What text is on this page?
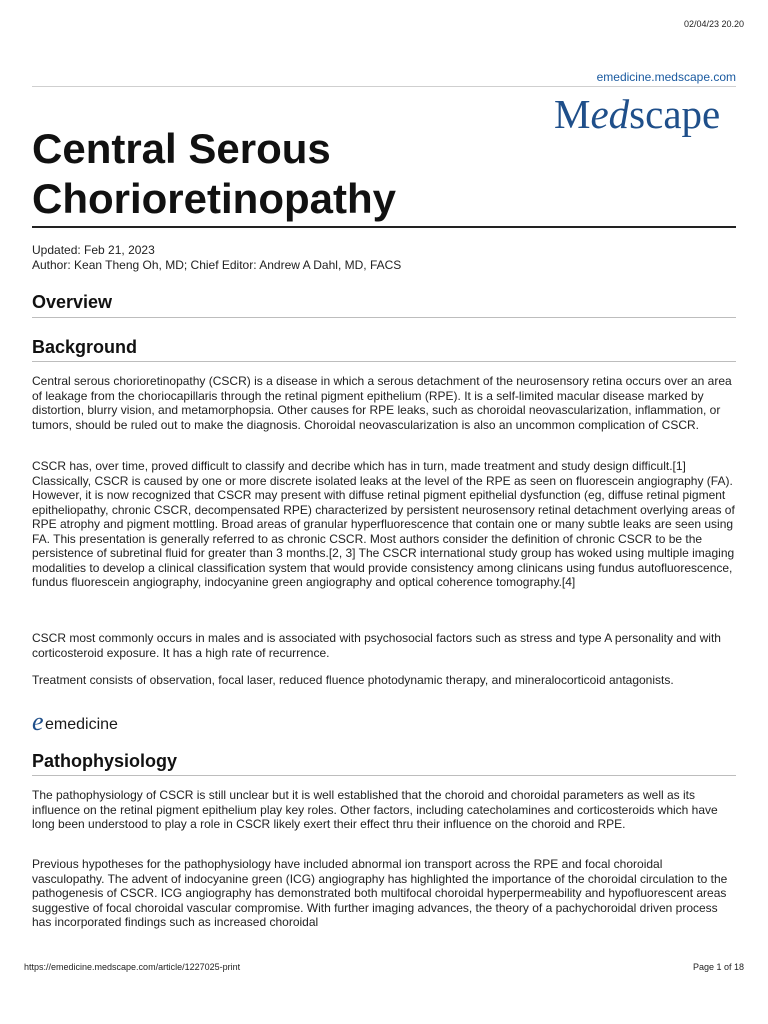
02/04/23 20.20
emedicine.medscape.com
Medscape
Central Serous Chorioretinopathy
Updated: Feb 21, 2023
Author: Kean Theng Oh, MD; Chief Editor: Andrew A Dahl, MD, FACS
Overview
Background

Central serous chorioretinopathy (CSCR) is a disease in which a serous detachment of the neurosensory retina occurs over an area of leakage from the choriocapillaris through the retinal pigment epithelium (RPE). It is a self-limited macular disease marked by distortion, blurry vision, and metamorphopsia. Other causes for RPE leaks, such as choroidal neovascularization, inflammation, or tumors, should be ruled out to make the diagnosis. Choroidal neovascularization is also an uncommon complication of CSCR.

CSCR has, over time, proved difficult to classify and decribe which has in turn, made treatment and study design difficult.[1] Classically, CSCR is caused by one or more discrete isolated leaks at the level of the RPE as seen on fluorescein angiography (FA). However, it is now recognized that CSCR may present with diffuse retinal pigment epithelial dysfunction (eg, diffuse retinal pigment epitheliopathy, chronic CSCR, decompensated RPE) characterized by persistent neurosensory retinal detachment overlying areas of RPE atrophy and pigment mottling. Broad areas of granular hyperfluorescence that contain one or many subtle leaks are seen using FA. This presentation is generally referred to as chronic CSCR. Most authors consider the definition of chronic CSCR to be the persistence of subretinal fluid for greater than 3 months.[2, 3] The CSCR international study group has woked using multiple imaging modalities to develop a clinical classification system that would provide consistency among clinicans using fundus autofluorescence, fundus fluorescein angiography, indocyanine green angiography and optical coherence tomography.[4]

CSCR most commonly occurs in males and is associated with psychosocial factors such as stress and type A personality and with corticosteroid exposure. It has a high rate of recurrence.

Treatment consists of observation, focal laser, reduced fluence photodynamic therapy, and mineralocorticoid antagonists.

e emedicine
Pathophysiology

The pathophysiology of CSCR is still unclear but it is well established that the choroid and choroidal parameters as well as its influence on the retinal pigment epithelium play key roles. Other factors, including catecholamines and corticosteroids which have long been understood to play a role in CSCR likely exert their effect thru their influence on the choroid and RPE.

Previous hypotheses for the pathophysiology have included abnormal ion transport across the RPE and focal choroidal vasculopathy. The advent of indocyanine green (ICG) angiography has highlighted the importance of the choroidal circulation to the pathogenesis of CSCR. ICG angiography has demonstrated both multifocal choroidal hyperpermeability and hypofluorescent areas suggestive of focal choroidal vascular compromise. With further imaging advances, the theory of a pachychoroidal driven process has incorporated findings such as increased choroidal

https://emedicine.medscape.com/article/1227025-print	Page 1 of 18
